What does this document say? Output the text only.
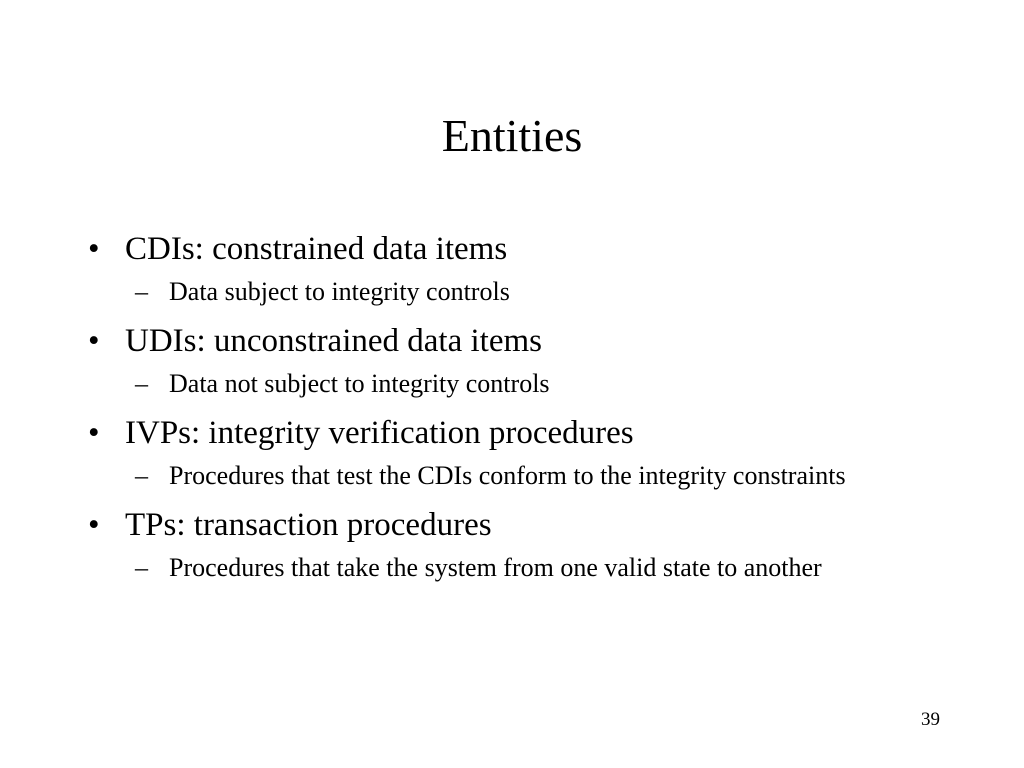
Entities
• CDIs: constrained data items
– Data subject to integrity controls
• UDIs: unconstrained data items
– Data not subject to integrity controls
• IVPs: integrity verification procedures
– Procedures that test the CDIs conform to the integrity constraints
• TPs: transaction procedures
– Procedures that take the system from one valid state to another
39
